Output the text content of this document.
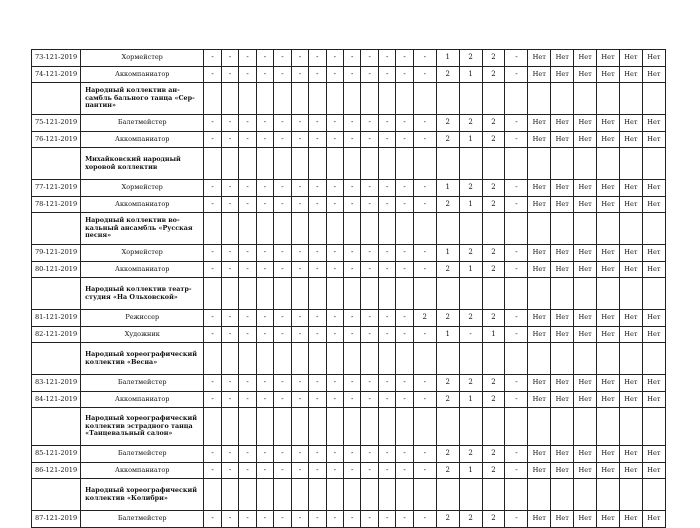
73-121-2019	Хормейстер	-	-	-	-	-	-	-	-	-	-	-	-	-	1	2	2	-	Нет	Нет	Нет	Нет	Нет	Нет
74-121-2019	Аккомпаниатор	-	-	-	-	-	-	-	-	-	-	-	-	-	2	1	2	-	Нет	Нет	Нет	Нет	Нет	Нет
	Народный коллектив ан-самбль бального танца «Сер-пантин»																							
75-121-2019	Балетмейстер	-	-	-	-	-	-	-	-	-	-	-	-	-	2	2	2	-	Нет	Нет	Нет	Нет	Нет	Нет
76-121-2019	Аккомпаниатор	-	-	-	-	-	-	-	-	-	-	-	-	-	2	1	2	-	Нет	Нет	Нет	Нет	Нет	Нет
	Михайковский народный хоровой коллектив																							
77-121-2019	Хормейстер	-	-	-	-	-	-	-	-	-	-	-	-	-	1	2	2	-	Нет	Нет	Нет	Нет	Нет	Нет
78-121-2019	Аккомпаниатор	-	-	-	-	-	-	-	-	-	-	-	-	-	2	1	2	-	Нет	Нет	Нет	Нет	Нет	Нет
	Народный коллектив во-кальный ансамбль «Русская песня»																							
79-121-2019	Хормейстер	-	-	-	-	-	-	-	-	-	-	-	-	-	1	2	2	-	Нет	Нет	Нет	Нет	Нет	Нет
80-121-2019	Аккомпаниатор	-	-	-	-	-	-	-	-	-	-	-	-	-	2	1	2	-	Нет	Нет	Нет	Нет	Нет	Нет
	Народный коллектив театр-студия «На Ольховской»																							
81-121-2019	Режиссер	-	-	-	-	-	-	-	-	-	-	-	-	2	2	2	2	-	Нет	Нет	Нет	Нет	Нет	Нет
82-121-2019	Художник	-	-	-	-	-	-	-	-	-	-	-	-	-	1	-	1	-	Нет	Нет	Нет	Нет	Нет	Нет
	Народный хореографический коллектив «Весна»																							
83-121-2019	Балетмейстер	-	-	-	-	-	-	-	-	-	-	-	-	-	2	2	2	-	Нет	Нет	Нет	Нет	Нет	Нет
84-121-2019	Аккомпаниатор	-	-	-	-	-	-	-	-	-	-	-	-	-	2	1	2	-	Нет	Нет	Нет	Нет	Нет	Нет
	Народный хореографический коллектив эстрадного танца «Танцевальный салон»																							
85-121-2019	Балетмейстер	-	-	-	-	-	-	-	-	-	-	-	-	-	2	2	2	-	Нет	Нет	Нет	Нет	Нет	Нет
86-121-2019	Аккомпаниатор	-	-	-	-	-	-	-	-	-	-	-	-	-	2	1	2	-	Нет	Нет	Нет	Нет	Нет	Нет
	Народный хореографический коллектив «Колибри»																							
87-121-2019	Балетмейстер	-	-	-	-	-	-	-	-	-	-	-	-	-	2	2	2	-	Нет	Нет	Нет	Нет	Нет	Нет
